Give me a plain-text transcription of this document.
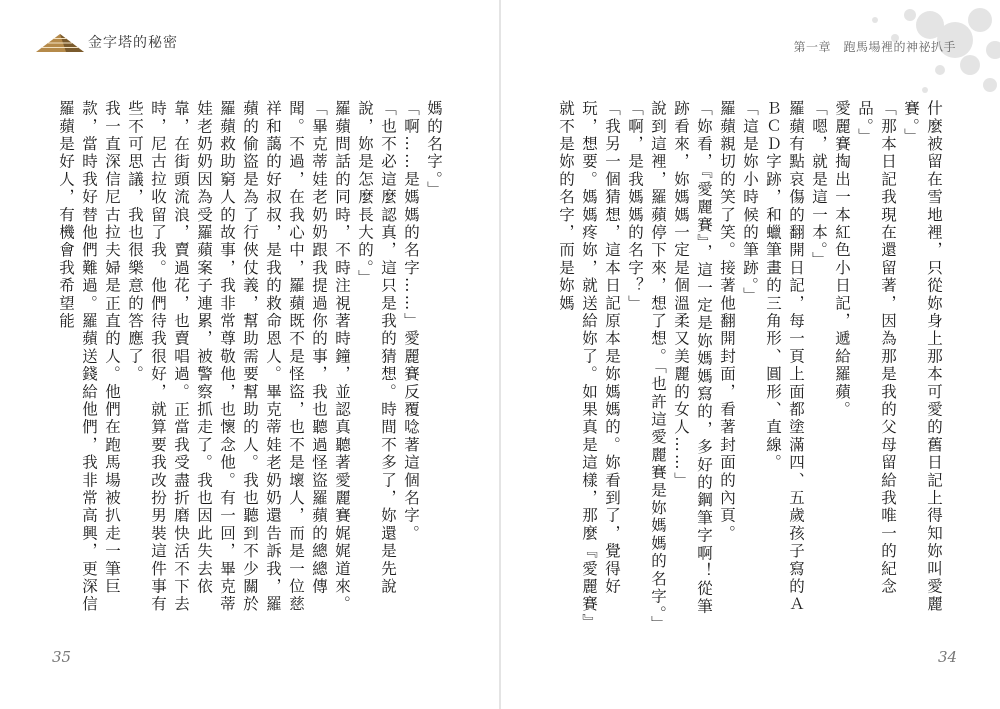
金字塔的秘密	第一章　跑馬場裡的神祕扒手

媽的名字。」

「啊……是媽媽的名字……」愛麗賽反覆唸著這個名字。

「也不必這麼認真，這只是我的猜想。時間不多了，妳還是先說說，妳是怎麼長大的。」

羅蘋問話的同時，不時注視著時鐘，並認真聽著愛麗賽娓娓道來。

「畢克蒂娃老奶奶跟我提過你的事，我也聽過怪盜羅蘋的總總傳聞。不過，在我心中，羅蘋既不是怪盜，也不是壞人，而是一位慈祥和藹的好叔叔，是我的救命恩人。畢克蒂娃老奶奶還告訴我，羅蘋的偷盜是為了行俠仗義，幫助需要幫助的人。我也聽到不少關於羅蘋救助窮人的故事，我非常尊敬他，也懷念他。有一回，畢克蒂娃老奶奶因為受羅蘋案子連累，被警察抓走了。我也因此失去依靠，在街頭流浪，賣過花，也賣唱過。正當我受盡折磨快活不下去時，尼古拉收留了我。他們待我很好，就算要我改扮男裝這件事有些不可思議，我也很樂意的答應了。

我一直深信尼古拉夫婦是正直的人。他們在跑馬場被扒走一筆巨款，當時我好替他們難過。羅蘋送錢給他們，我非常高興，更深信羅蘋是好人，有機會我希望能	什麼被留在雪地裡，只從妳身上那本可愛的舊日記上得知妳叫愛麗賽。」

「那本日記我現在還留著，因為那是我的父母留給我唯一的紀念品。」

愛麗賽掏出一本紅色小日記，遞給羅蘋。

「嗯，就是這一本。」

羅蘋有點哀傷的翻開日記，每一頁上面都塗滿四、五歲孩子寫的ＡＢＣＤ字跡，和蠟筆畫的三角形、圓形、直線。

「這是妳小時候的筆跡。」

羅蘋親切的笑了笑。接著他翻開封面，看著封面的內頁。

「妳看，『愛麗賽』，這一定是妳媽媽寫的，多好的鋼筆字啊！從筆跡看來，妳媽媽一定是個溫柔又美麗的女人……」

說到這裡，羅蘋停下來，想了想。「也許這愛麗賽是妳媽媽的名字。」

「啊，是我媽媽的名字？」

「我另一個猜想，這本日記原本是妳媽媽的。妳看到了，覺得好玩，想要。媽媽疼妳，就送給妳了。如果真是這樣，那麼『愛麗賽』就不是妳的名字，而是妳媽

35	34
